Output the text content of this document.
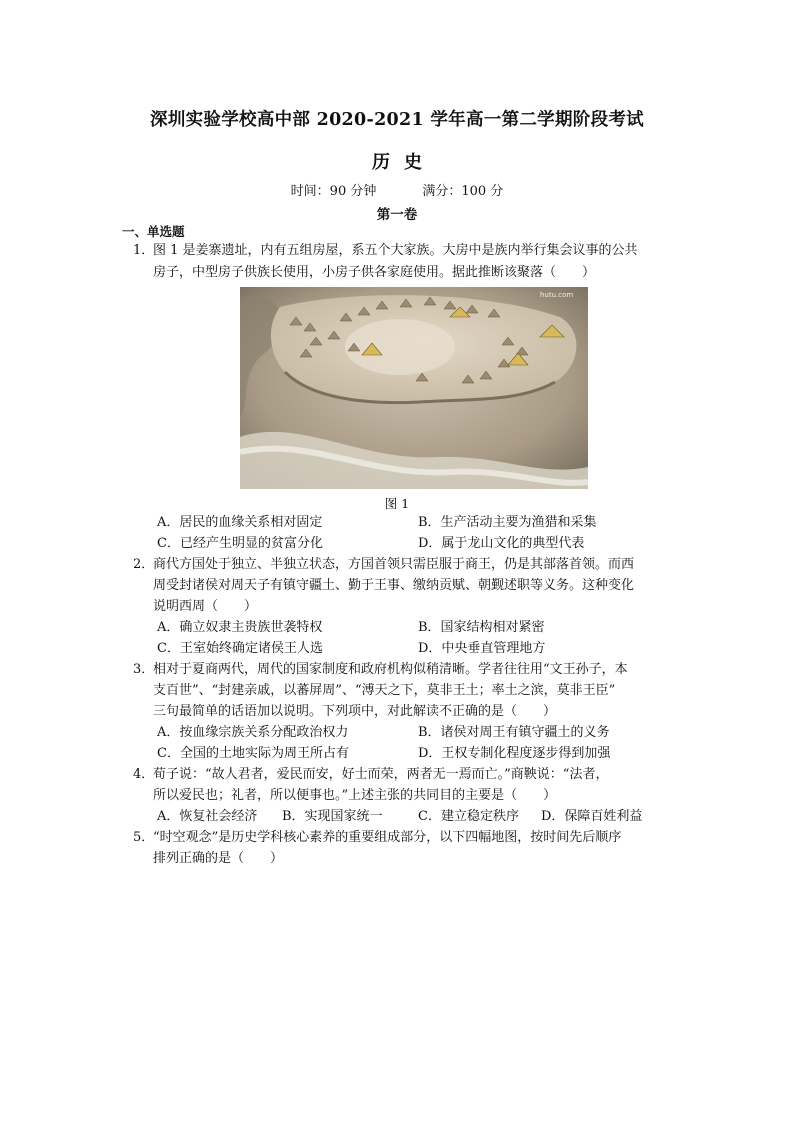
深圳实验学校高中部 2020-2021 学年高一第二学期阶段考试
历史
时间：90 分钟	满分：100 分
第一卷
一、单选题
1．
图 1 是姜寨遗址，内有五组房屋，系五个大家族。大房中是族内举行集会议事的公共
房子，中型房子供族长使用，小房子供各家庭使用。据此推断该聚落（　　）
hutu.com
图 1
A．居民的血缘关系相对固定	B．生产活动主要为渔猎和采集
C．已经产生明显的贫富分化	D．属于龙山文化的典型代表
2．
商代方国处于独立、半独立状态，方国首领只需臣服于商王，仍是其部落首领。而西
周受封诸侯对周天子有镇守疆土、勤于王事、缴纳贡赋、朝觐述职等义务。这种变化
说明西周（　　）
A．确立奴隶主贵族世袭特权	B．国家结构相对紧密
C．王室始终确定诸侯王人选	D．中央垂直管理地方
3．
相对于夏商两代，周代的国家制度和政府机构似稍清晰。学者往往用“文王孙子，本
支百世”、“封建亲戚，以蕃屏周”、“溥天之下，莫非王土；率土之滨，莫非王臣”
三句最简单的话语加以说明。下列项中，对此解读不正确的是（　　）
A．按血缘宗族关系分配政治权力	B．诸侯对周王有镇守疆土的义务
C．全国的土地实际为周王所占有	D．王权专制化程度逐步得到加强
4．
荀子说：“故人君者，爱民而安，好士而荣，两者无一焉而亡。”商鞅说：“法者，
所以爱民也；礼者，所以便事也。”上述主张的共同目的主要是（　　）
A．恢复社会经济 B．实现国家统一	C．建立稳定秩序 D．保障百姓利益
5．
“时空观念”是历史学科核心素养的重要组成部分，以下四幅地图，按时间先后顺序
排列正确的是（　　）
